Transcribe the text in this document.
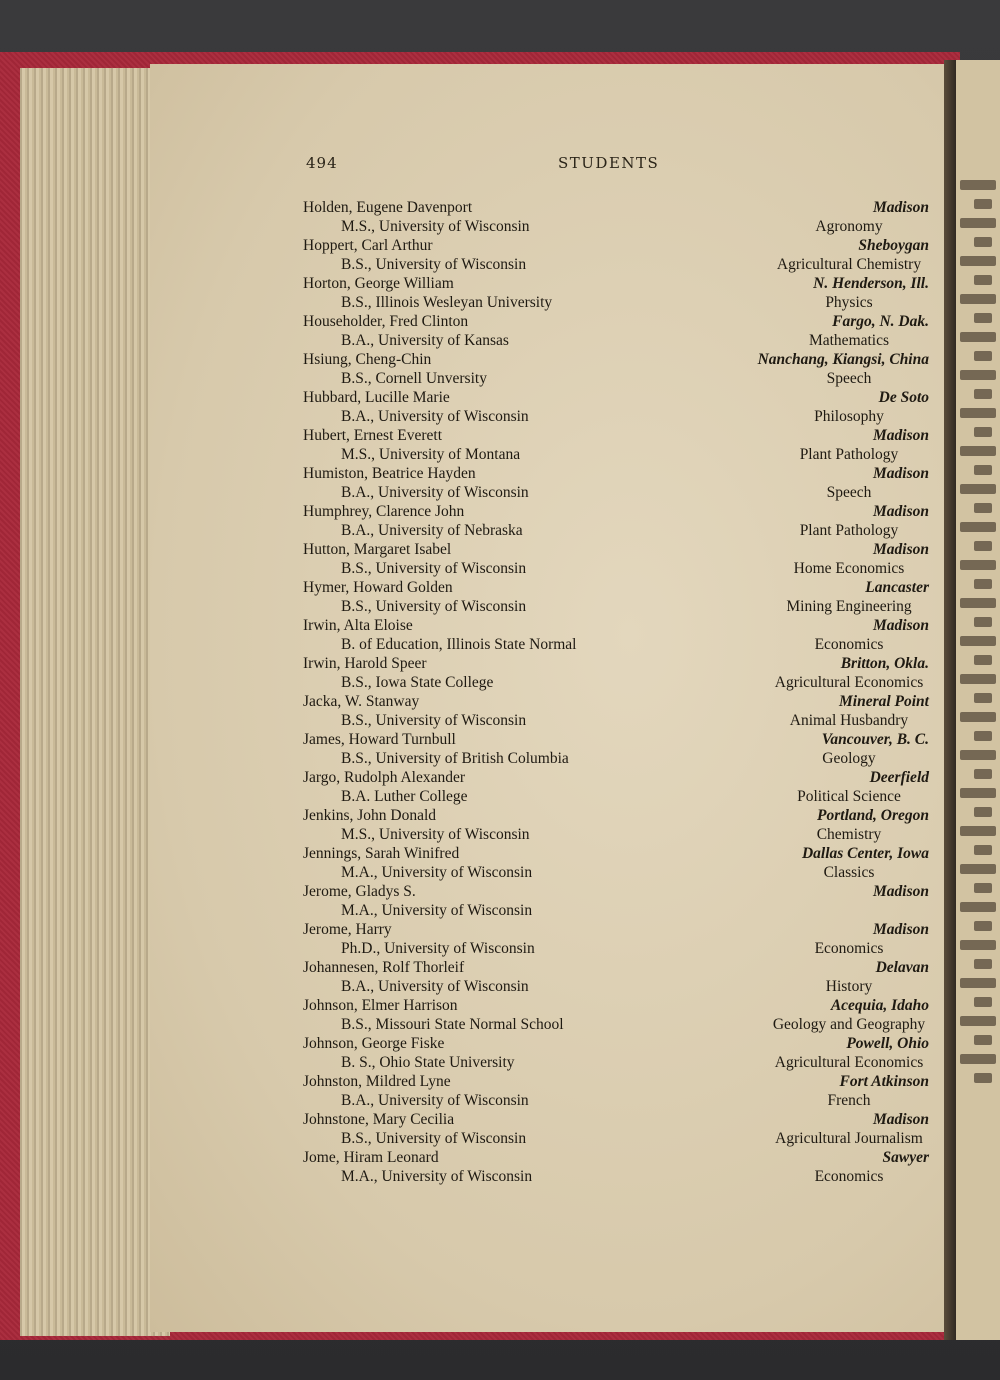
494	STUDENTS
Holden, Eugene Davenport	Madison
M.S., University of Wisconsin	Agronomy
Hoppert, Carl Arthur	Sheboygan
B.S., University of Wisconsin	Agricultural Chemistry
Horton, George William	N. Henderson, Ill.
B.S., Illinois Wesleyan University	Physics
Householder, Fred Clinton	Fargo, N. Dak.
B.A., University of Kansas	Mathematics
Hsiung, Cheng-Chin	Nanchang, Kiangsi, China
B.S., Cornell Unversity	Speech
Hubbard, Lucille Marie	De Soto
B.A., University of Wisconsin	Philosophy
Hubert, Ernest Everett	Madison
M.S., University of Montana	Plant Pathology
Humiston, Beatrice Hayden	Madison
B.A., University of Wisconsin	Speech
Humphrey, Clarence John	Madison
B.A., University of Nebraska	Plant Pathology
Hutton, Margaret Isabel	Madison
B.S., University of Wisconsin	Home Economics
Hymer, Howard Golden	Lancaster
B.S., University of Wisconsin	Mining Engineering
Irwin, Alta Eloise	Madison
B. of Education, Illinois State Normal	Economics
Irwin, Harold Speer	Britton, Okla.
B.S., Iowa State College	Agricultural Economics
Jacka, W. Stanway	Mineral Point
B.S., University of Wisconsin	Animal Husbandry
James, Howard Turnbull	Vancouver, B. C.
B.S., University of British Columbia	Geology
Jargo, Rudolph Alexander	Deerfield
B.A. Luther College	Political Science
Jenkins, John Donald	Portland, Oregon
M.S., University of Wisconsin	Chemistry
Jennings, Sarah Winifred	Dallas Center, Iowa
M.A., University of Wisconsin	Classics
Jerome, Gladys S.	Madison
M.A., University of Wisconsin
Jerome, Harry	Madison
Ph.D., University of Wisconsin	Economics
Johannesen, Rolf Thorleif	Delavan
B.A., University of Wisconsin	History
Johnson, Elmer Harrison	Acequia, Idaho
B.S., Missouri State Normal School	Geology and Geography
Johnson, George Fiske	Powell, Ohio
B. S., Ohio State University	Agricultural Economics
Johnston, Mildred Lyne	Fort Atkinson
B.A., University of Wisconsin	French
Johnstone, Mary Cecilia	Madison
B.S., University of Wisconsin	Agricultural Journalism
Jome, Hiram Leonard	Sawyer
M.A., University of Wisconsin	Economics
